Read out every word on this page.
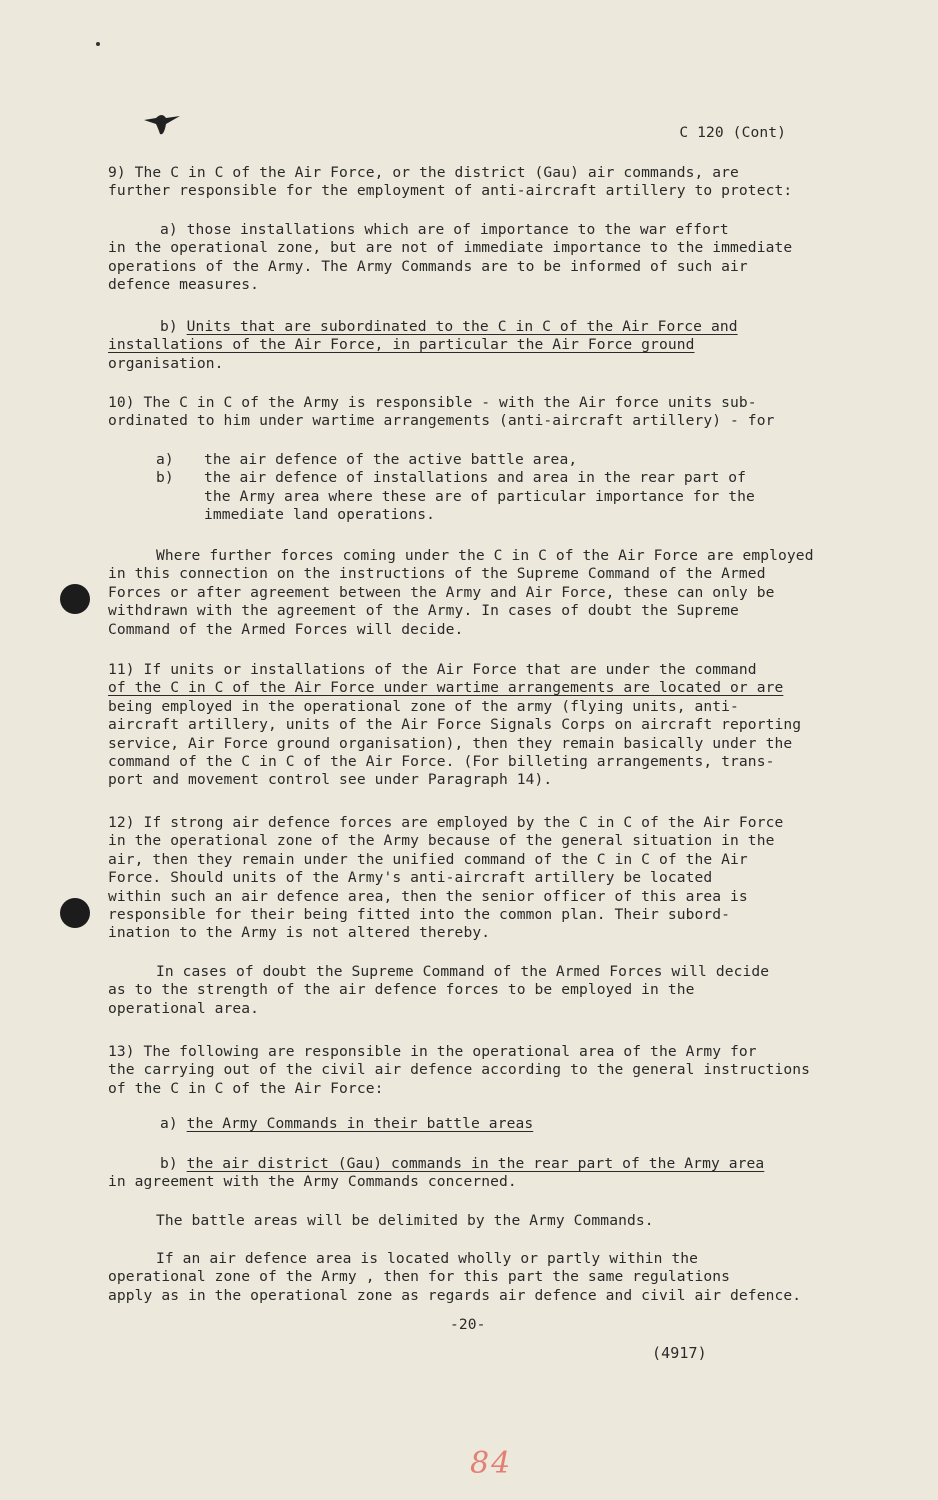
C 120 (Cont)
9) The C in C of the Air Force, or the district (Gau) air commands, are
further responsible for the employment of anti-aircraft artillery to protect:
a) those installations which are of importance to the war effort
in the operational zone, but are not of immediate importance to the immediate
operations of the Army. The Army Commands are to be informed of such air
defence measures.
b) Units that are subordinated to the C in C of the Air Force and
installations of the Air Force, in particular the Air Force ground
organisation.
10) The C in C of the Army is responsible - with the Air force units sub-
ordinated to him under wartime arrangements (anti-aircraft artillery) - for
a)	the air defence of the active battle area,
b)	the air defence of installations and area in the rear part of
the Army area where these are of particular importance for the
immediate land operations.
Where further forces coming under the C in C of the Air Force are employed
in this connection on the instructions of the Supreme Command of the Armed
Forces or after agreement between the Army and Air Force, these can only be
withdrawn with the agreement of the Army. In cases of doubt the Supreme
Command of the Armed Forces will decide.
11) If units or installations of the Air Force that are under the command
of the C in C of the Air Force under wartime arrangements are located or are
being employed in the operational zone of the army (flying units, anti-
aircraft artillery, units of the Air Force Signals Corps on aircraft reporting
service, Air Force ground organisation), then they remain basically under the
command of the C in C of the Air Force. (For billeting arrangements, trans-
port and movement control see under Paragraph 14).
12) If strong air defence forces are employed by the C in C of the Air Force
in the operational zone of the Army because of the general situation in the
air, then they remain under the unified command of the C in C of the Air
Force. Should units of the Army's anti-aircraft artillery be located
within such an air defence area, then the senior officer of this area is
responsible for their being fitted into the common plan. Their subord-
ination to the Army is not altered thereby.
In cases of doubt the Supreme Command of the Armed Forces will decide
as to the strength of the air defence forces to be employed in the
operational area.
13) The following are responsible in the operational area of the Army for
the carrying out of the civil air defence according to the general instructions
of the C in C of the Air Force:
a) the Army Commands in their battle areas
b) the air district (Gau) commands in the rear part of the Army area
in agreement with the Army Commands concerned.
The battle areas will be delimited by the Army Commands.
If an air defence area is located wholly or partly within the
operational zone of the Army , then for this part the same regulations
apply as in the operational zone as regards air defence and civil air defence.
-20-
(4917)
84
